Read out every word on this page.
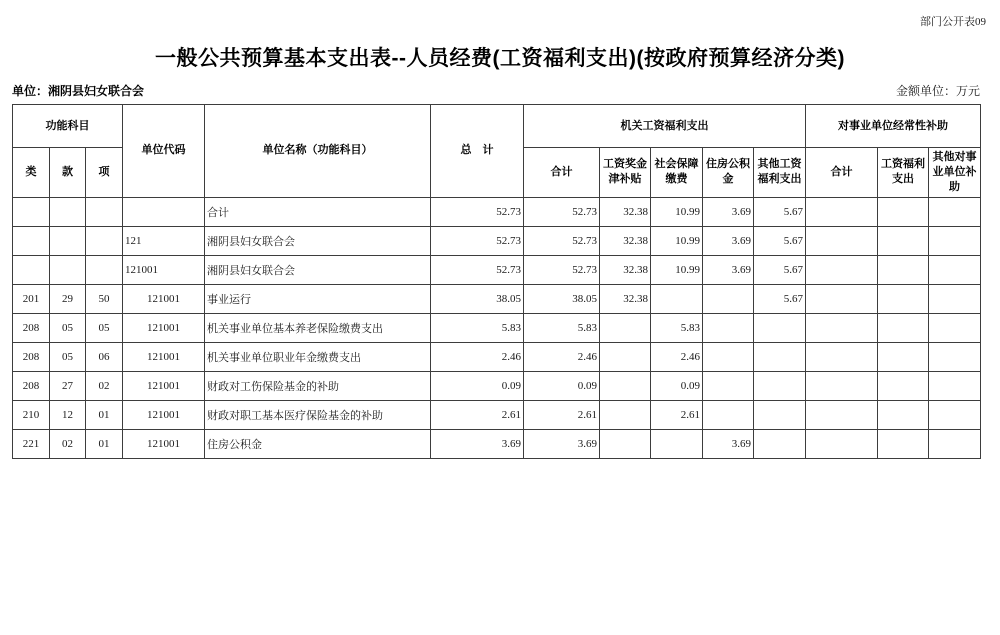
部门公开表09
一般公共预算基本支出表--人员经费(工资福利支出)(按政府预算经济分类)
单位：湘阴县妇女联合会	金额单位：万元
功能科目			单位代码	单位名称（功能科目）	总　计	机关工资福利支出					对事业单位经常性补助		
类	款	项				合计	工资奖金津补贴	社会保障缴费	住房公积金	其他工资福利支出	合计	工资福利支出	其他对事业单位补助
				合计	52.73	52.73	32.38	10.99	3.69	5.67			
			121	湘阴县妇女联合会	52.73	52.73	32.38	10.99	3.69	5.67			
			121001	湘阴县妇女联合会	52.73	52.73	32.38	10.99	3.69	5.67			
201	29	50	121001	事业运行	38.05	38.05	32.38			5.67			
208	05	05	121001	机关事业单位基本养老保险缴费支出	5.83	5.83		5.83					
208	05	06	121001	机关事业单位职业年金缴费支出	2.46	2.46		2.46					
208	27	02	121001	财政对工伤保险基金的补助	0.09	0.09		0.09					
210	12	01	121001	财政对职工基本医疗保险基金的补助	2.61	2.61		2.61					
221	02	01	121001	住房公积金	3.69	3.69			3.69				
